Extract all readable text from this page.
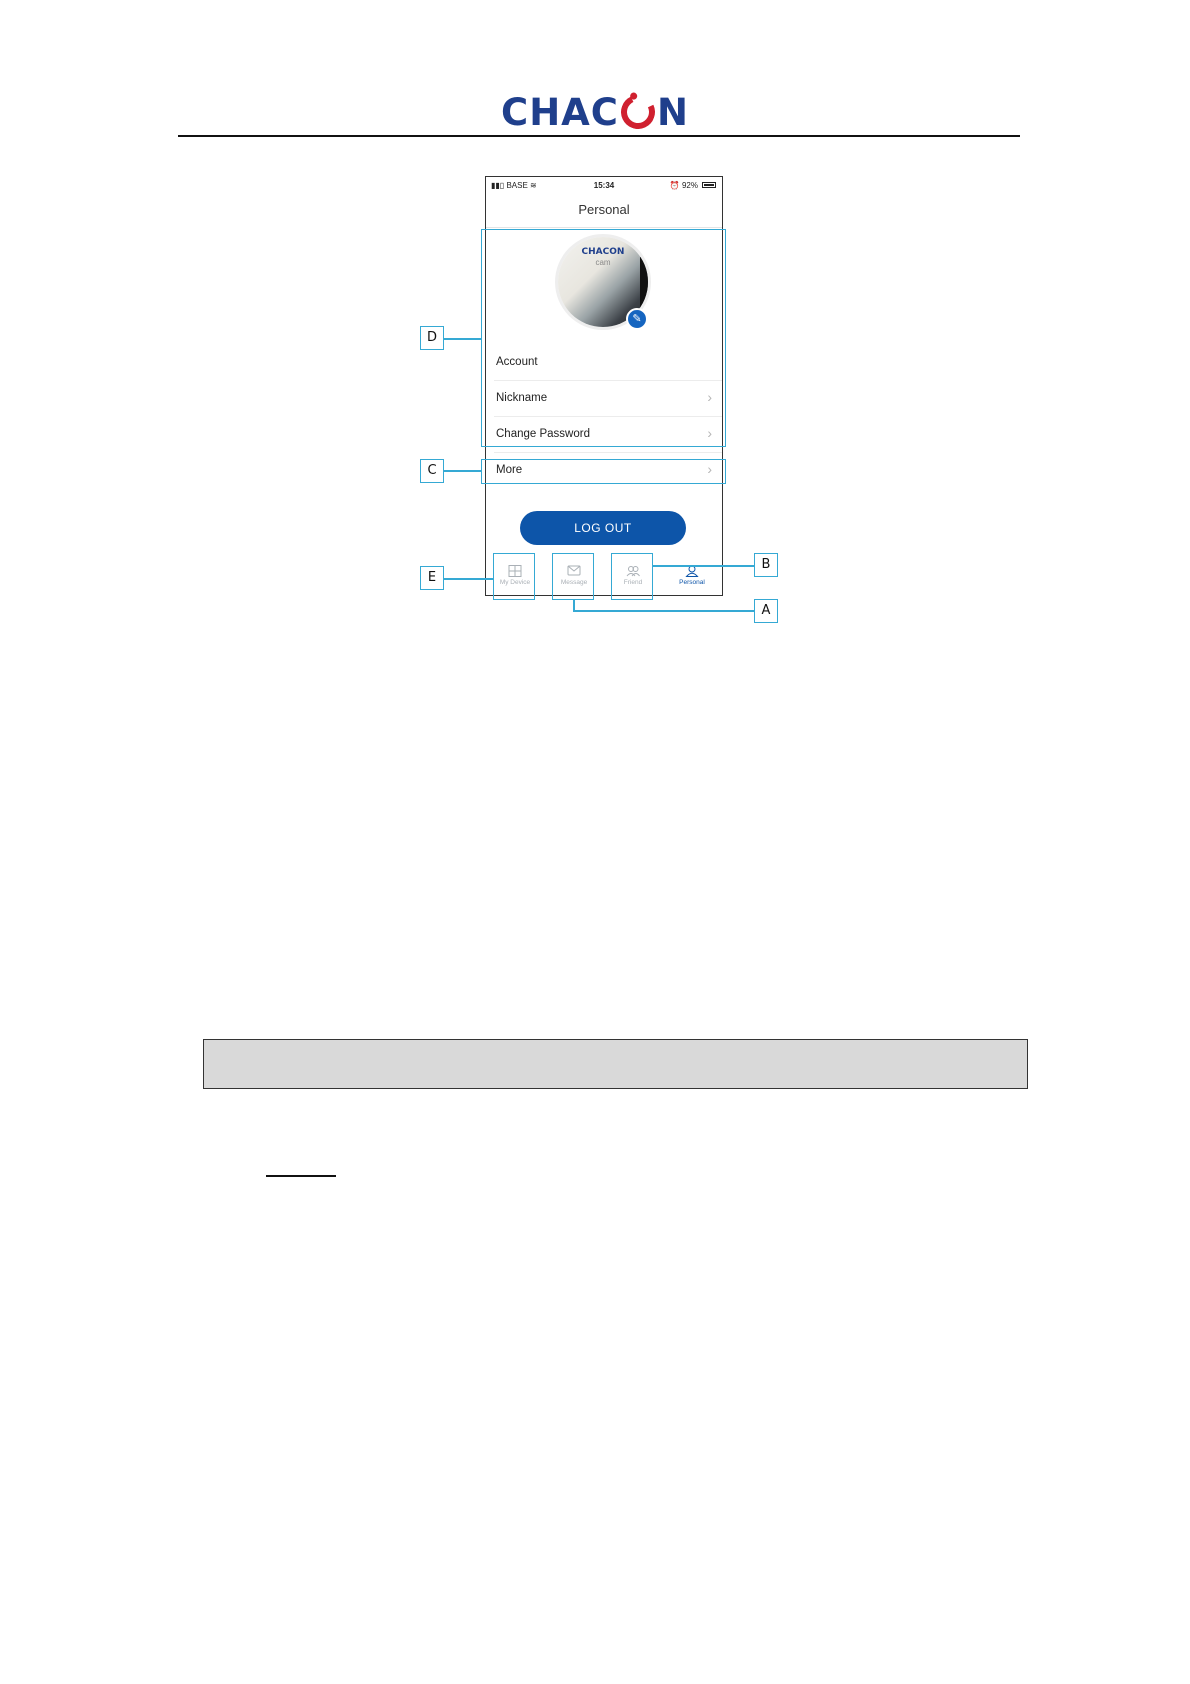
CHAC N
▮▮▯ BASE ≋	15:34	⏰ 92%
Personal
CHACON
cam
✎
Account
Nickname	›
Change Password	›
More	›
LOG OUT
My Device	Message	Friend	Personal
D
C
E
B
A
